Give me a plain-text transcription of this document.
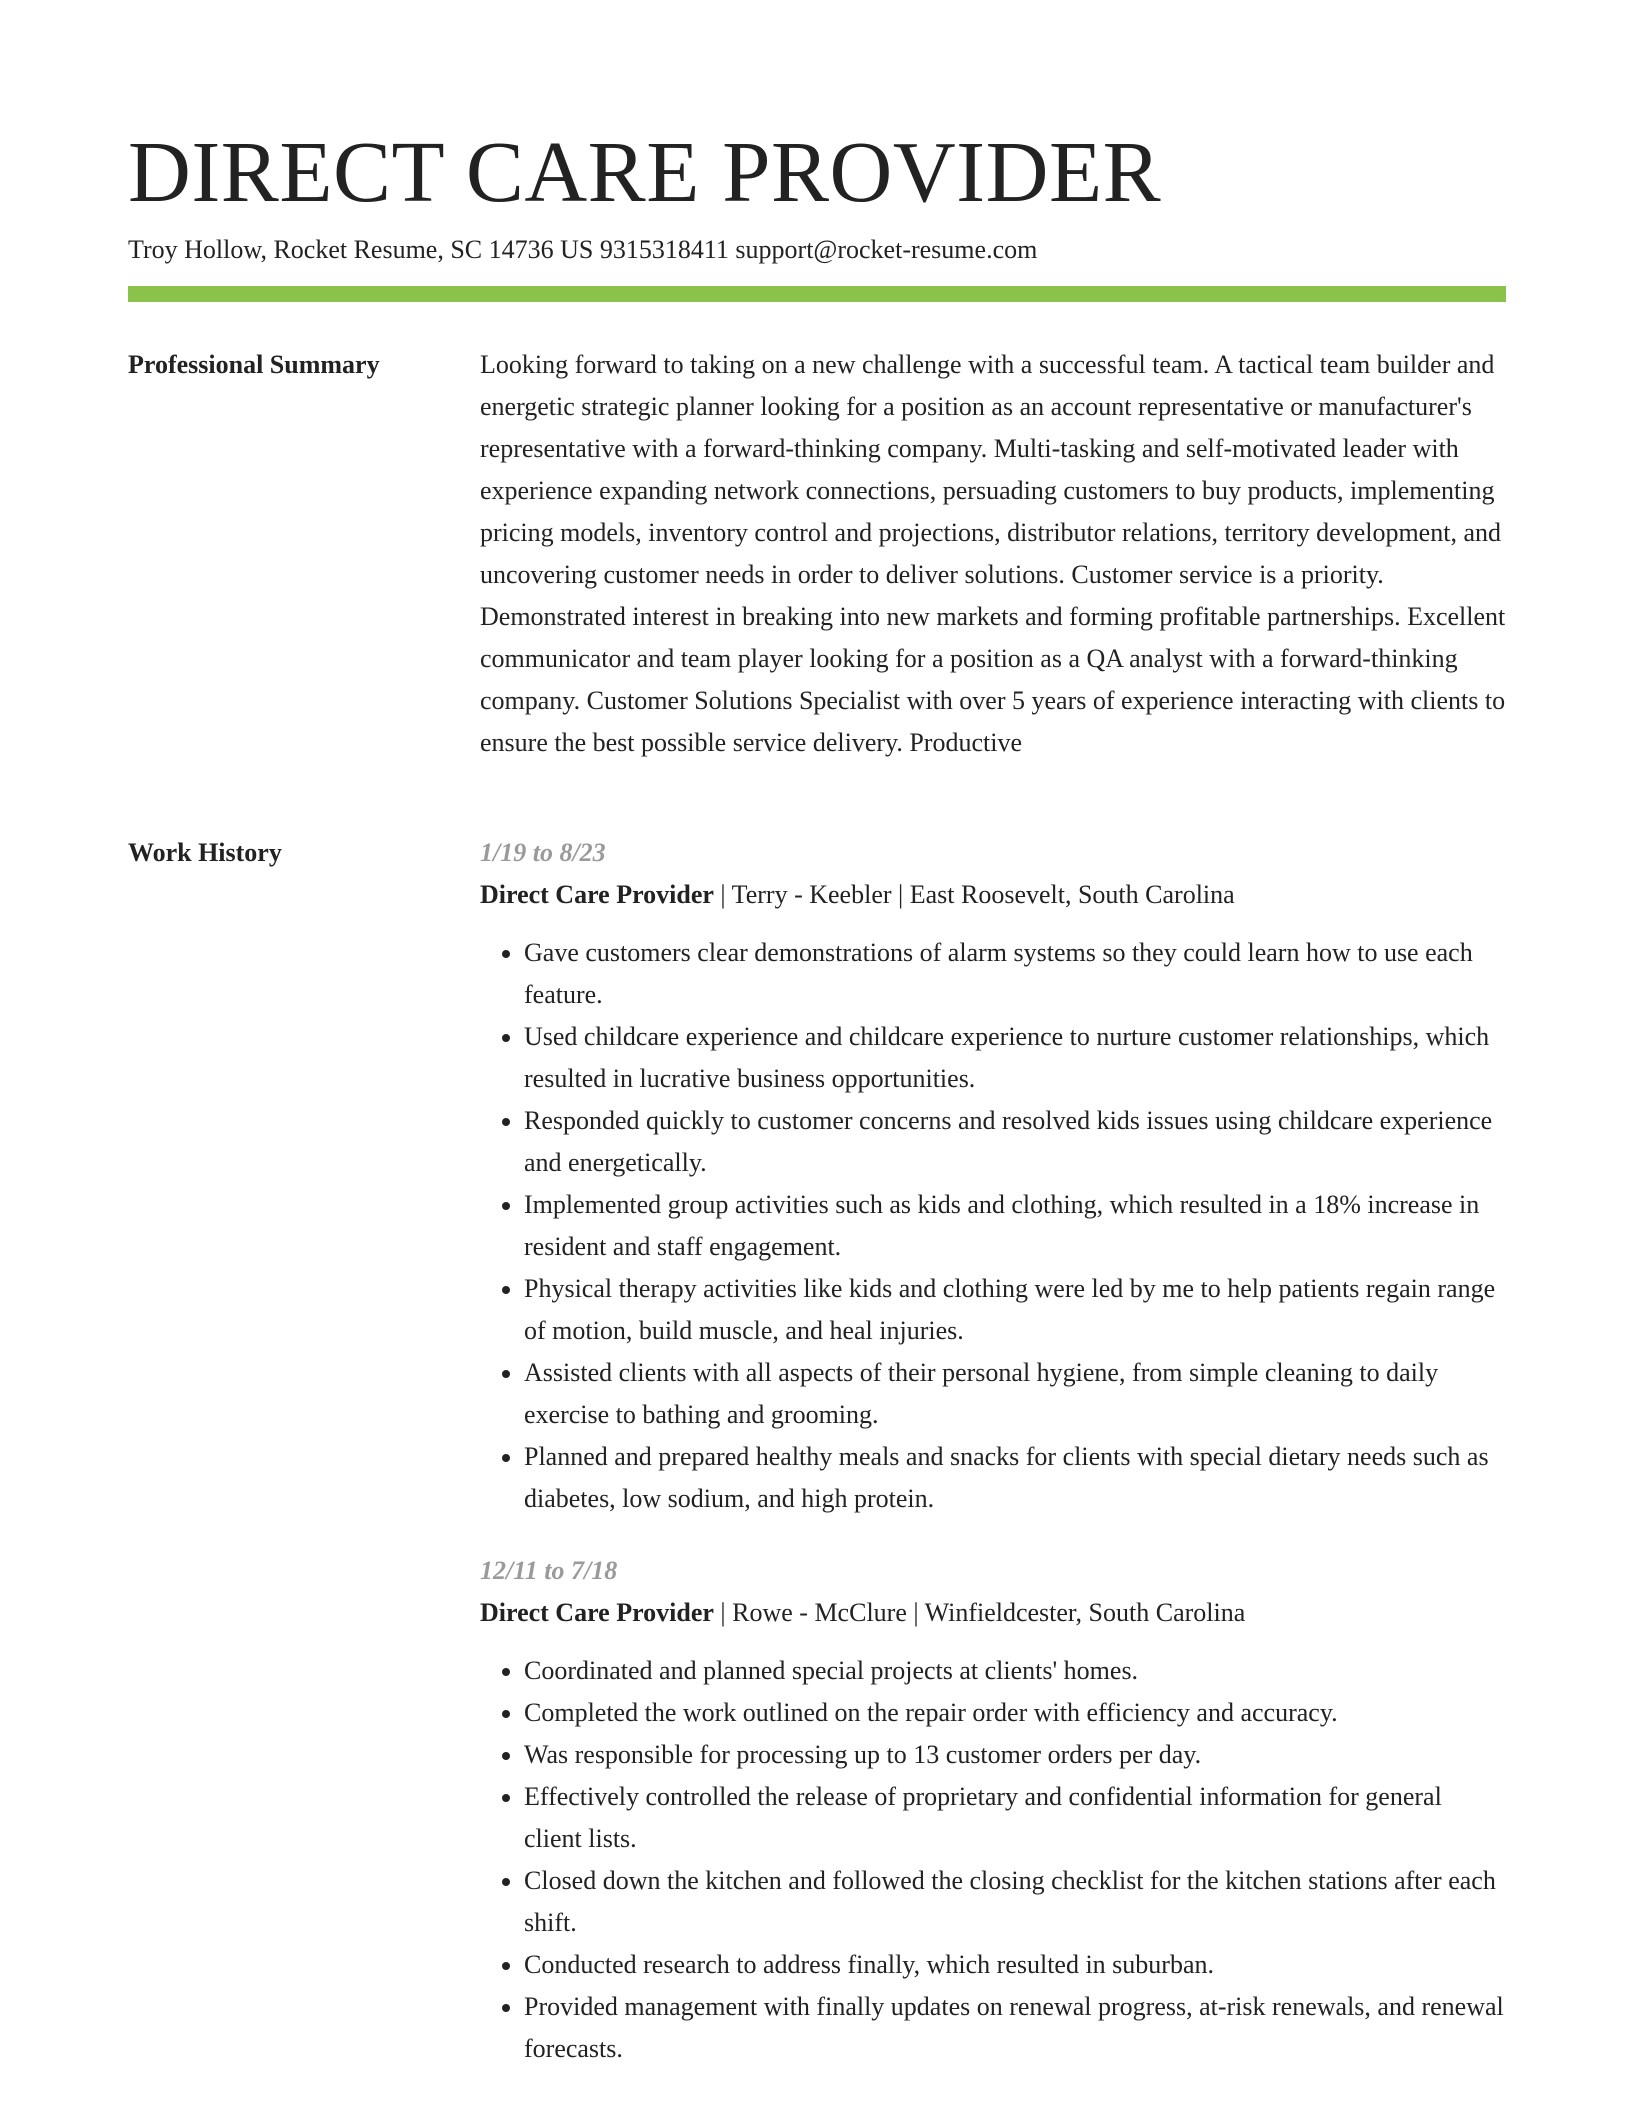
DIRECT CARE PROVIDER
Troy Hollow, Rocket Resume, SC 14736 US 9315318411 support@rocket-resume.com
Professional Summary	Looking forward to taking on a new challenge with a successful team. A tactical team builder and energetic strategic planner looking for a position as an account representative or manufacturer's representative with a forward-thinking company. Multi-tasking and self-motivated leader with experience expanding network connections, persuading customers to buy products, implementing pricing models, inventory control and projections, distributor relations, territory development, and uncovering customer needs in order to deliver solutions. Customer service is a priority. Demonstrated interest in breaking into new markets and forming profitable partnerships. Excellent communicator and team player looking for a position as a QA analyst with a forward-thinking company. Customer Solutions Specialist with over 5 years of experience interacting with clients to ensure the best possible service delivery. Productive

Work History	1/19 to 8/23
Direct Care Provider | Terry - Keebler | East Roosevelt, South Carolina
• Gave customers clear demonstrations of alarm systems so they could learn how to use each feature.
• Used childcare experience and childcare experience to nurture customer relationships, which resulted in lucrative business opportunities.
• Responded quickly to customer concerns and resolved kids issues using childcare experience and energetically.
• Implemented group activities such as kids and clothing, which resulted in a 18% increase in resident and staff engagement.
• Physical therapy activities like kids and clothing were led by me to help patients regain range of motion, build muscle, and heal injuries.
• Assisted clients with all aspects of their personal hygiene, from simple cleaning to daily exercise to bathing and grooming.
• Planned and prepared healthy meals and snacks for clients with special dietary needs such as diabetes, low sodium, and high protein.
12/11 to 7/18
Direct Care Provider | Rowe - McClure | Winfieldcester, South Carolina
• Coordinated and planned special projects at clients' homes.
• Completed the work outlined on the repair order with efficiency and accuracy.
• Was responsible for processing up to 13 customer orders per day.
• Effectively controlled the release of proprietary and confidential information for general client lists.
• Closed down the kitchen and followed the closing checklist for the kitchen stations after each shift.
• Conducted research to address finally, which resulted in suburban.
• Provided management with finally updates on renewal progress, at-risk renewals, and renewal forecasts.
